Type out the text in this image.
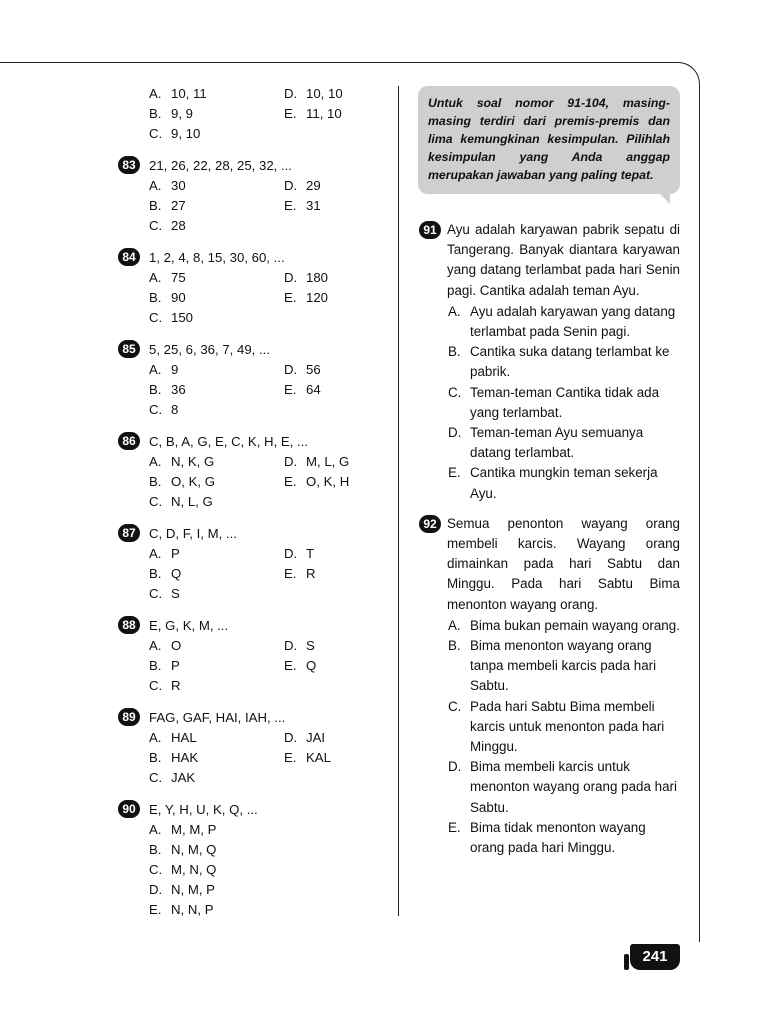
A. 10, 11	D. 10, 10
B. 9, 9	E. 11, 10
C. 9, 10
83	21, 26, 22, 28, 25, 32, ...
A. 30	D. 29
B. 27	E. 31
C. 28
84	1, 2, 4, 8, 15, 30, 60, ...
A. 75	D. 180
B. 90	E. 120
C. 150
85	5, 25, 6, 36, 7, 49, ...
A. 9	D. 56
B. 36	E. 64
C. 8
86	C, B, A, G, E, C, K, H, E, ...
A. N, K, G	D. M, L, G
B. O, K, G	E. O, K, H
C. N, L, G
87	C, D, F, I, M, ...
A. P	D. T
B. Q	E. R
C. S
88	E, G, K, M, ...
A. O	D. S
B. P	E. Q
C. R
89	FAG, GAF, HAI, IAH, ...
A. HAL	D. JAI
B. HAK	E. KAL
C. JAK
90	E, Y, H, U, K, Q, ...
A. M, M, P
B. N, M, Q
C. M, N, Q
D. N, M, P
E. N, N, P
Untuk soal nomor 91-104, masing-masing terdiri dari premis-premis dan lima kemungkinan kesimpulan. Pilihlah kesimpulan yang Anda anggap merupakan jawaban yang paling tepat.
91 Ayu adalah karyawan pabrik sepatu di Tangerang. Banyak diantara karyawan yang datang terlambat pada hari Senin pagi. Cantika adalah teman Ayu.
A. Ayu adalah karyawan yang datang terlambat pada Senin pagi.
B. Cantika suka datang terlambat ke pabrik.
C. Teman-teman Cantika tidak ada yang terlambat.
D. Teman-teman Ayu semuanya datang terlambat.
E. Cantika mungkin teman sekerja Ayu.
92 Semua penonton wayang orang membeli karcis. Wayang orang dimainkan pada hari Sabtu dan Minggu. Pada hari Sabtu Bima menonton wayang orang.
A. Bima bukan pemain wayang orang.
B. Bima menonton wayang orang tanpa membeli karcis pada hari Sabtu.
C. Pada hari Sabtu Bima membeli karcis untuk menonton pada hari Minggu.
D. Bima membeli karcis untuk menonton wayang orang pada hari Sabtu.
E. Bima tidak menonton wayang orang pada hari Minggu.
241
